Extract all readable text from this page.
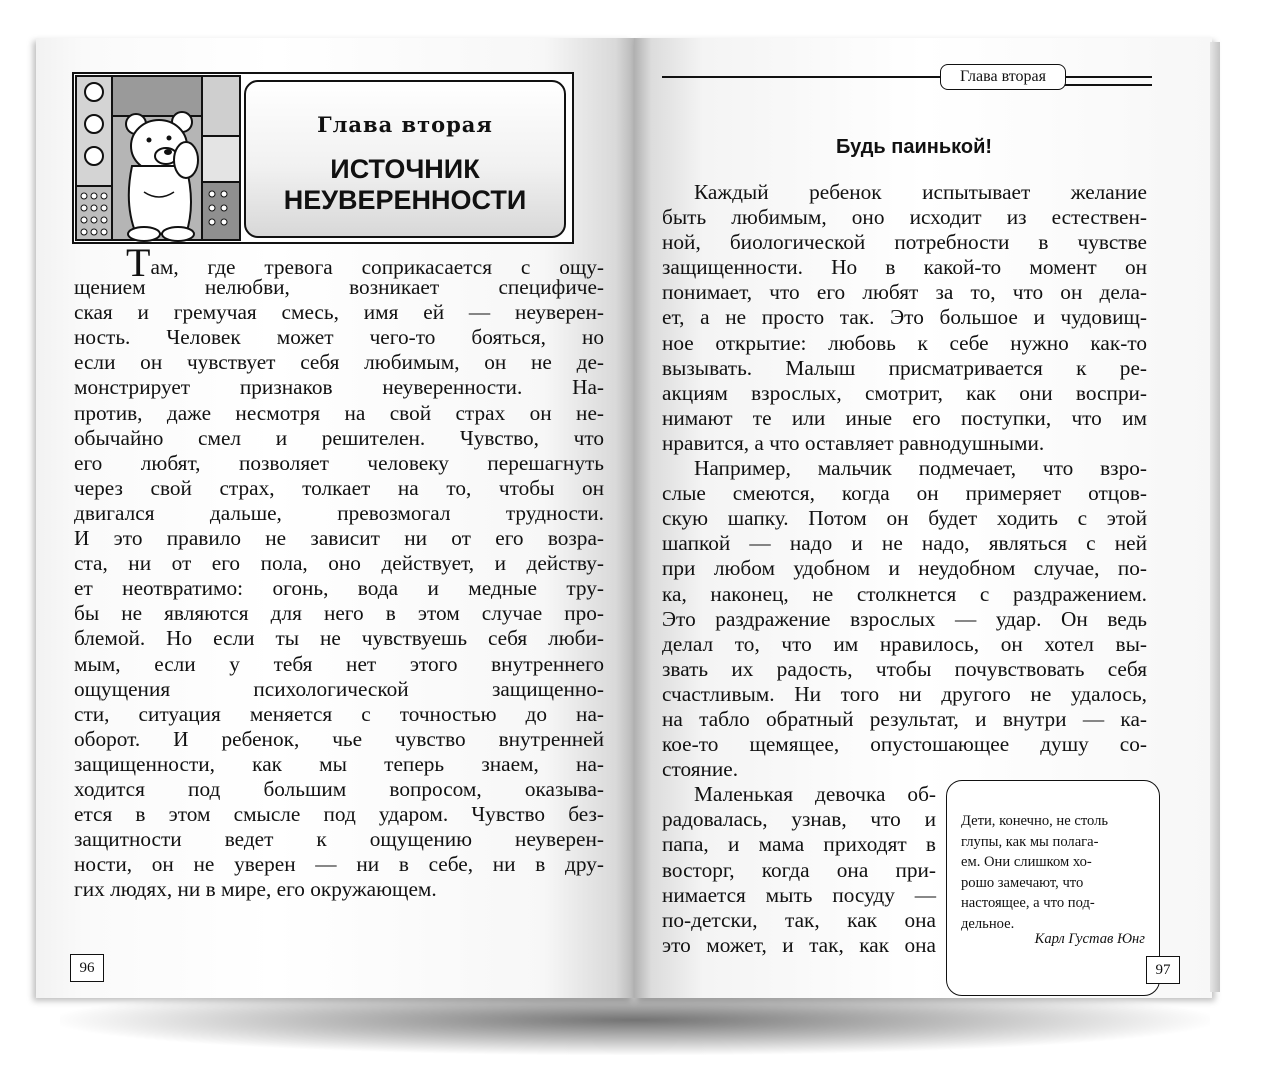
Глава вторая
ИСТОЧНИК
НЕУВЕРЕННОСТИ
Там, где тревога соприкасается с ощу-
щением нелюбви, возникает специфиче-
ская и гремучая смесь, имя ей — неуверен-
ность. Человек может чего-то бояться, но
если он чувствует себя любимым, он не де-
монстрирует признаков неуверенности. На-
против, даже несмотря на свой страх он не-
обычайно смел и решителен. Чувство, что
его любят, позволяет человеку перешагнуть
через свой страх, толкает на то, чтобы он
двигался дальше, превозмогал трудности.
И это правило не зависит ни от его возра-
ста, ни от его пола, оно действует, и действу-
ет неотвратимо: огонь, вода и медные тру-
бы не являются для него в этом случае про-
блемой. Но если ты не чувствуешь себя люби-
мым, если у тебя нет этого внутреннего
ощущения психологической защищенно-
сти, ситуация меняется с точностью до на-
оборот. И ребенок, чье чувство внутренней
защищенности, как мы теперь знаем, на-
ходится под большим вопросом, оказыва-
ется в этом смысле под ударом. Чувство без-
защитности ведет к ощущению неуверен-
ности, он не уверен — ни в себе, ни в дру-
гих людях, ни в мире, его окружающем.
96
Глава вторая
Будь паинькой!
Каждый ребенок испытывает желание
быть любимым, оно исходит из естествен-
ной, биологической потребности в чувстве
защищенности. Но в какой-то момент он
понимает, что его любят за то, что он дела-
ет, а не просто так. Это большое и чудовищ-
ное открытие: любовь к себе нужно как-то
вызывать. Малыш присматривается к ре-
акциям взрослых, смотрит, как они воспри-
нимают те или иные его поступки, что им
нравится, а что оставляет равнодушными.
Например, мальчик подмечает, что взро-
слые смеются, когда он примеряет отцов-
скую шапку. Потом он будет ходить с этой
шапкой — надо и не надо, являться с ней
при любом удобном и неудобном случае, по-
ка, наконец, не столкнется с раздражением.
Это раздражение взрослых — удар. Он ведь
делал то, что им нравилось, он хотел вы-
звать их радость, чтобы почувствовать себя
счастливым. Ни того ни другого не удалось,
на табло обратный результат, и внутри — ка-
кое-то щемящее, опустошающее душу со-
стояние.
Маленькая девочка об-
радовалась, узнав, что и
папа, и мама приходят в
восторг, когда она при-
нимается мыть посуду —
по-детски, так, как она
это может, и так, как она
Дети, конечно, не столь
глупы, как мы полага-
ем. Они слишком хо-
рошо замечают, что
настоящее, а что под-
дельное.
Карл Густав Юнг
97
